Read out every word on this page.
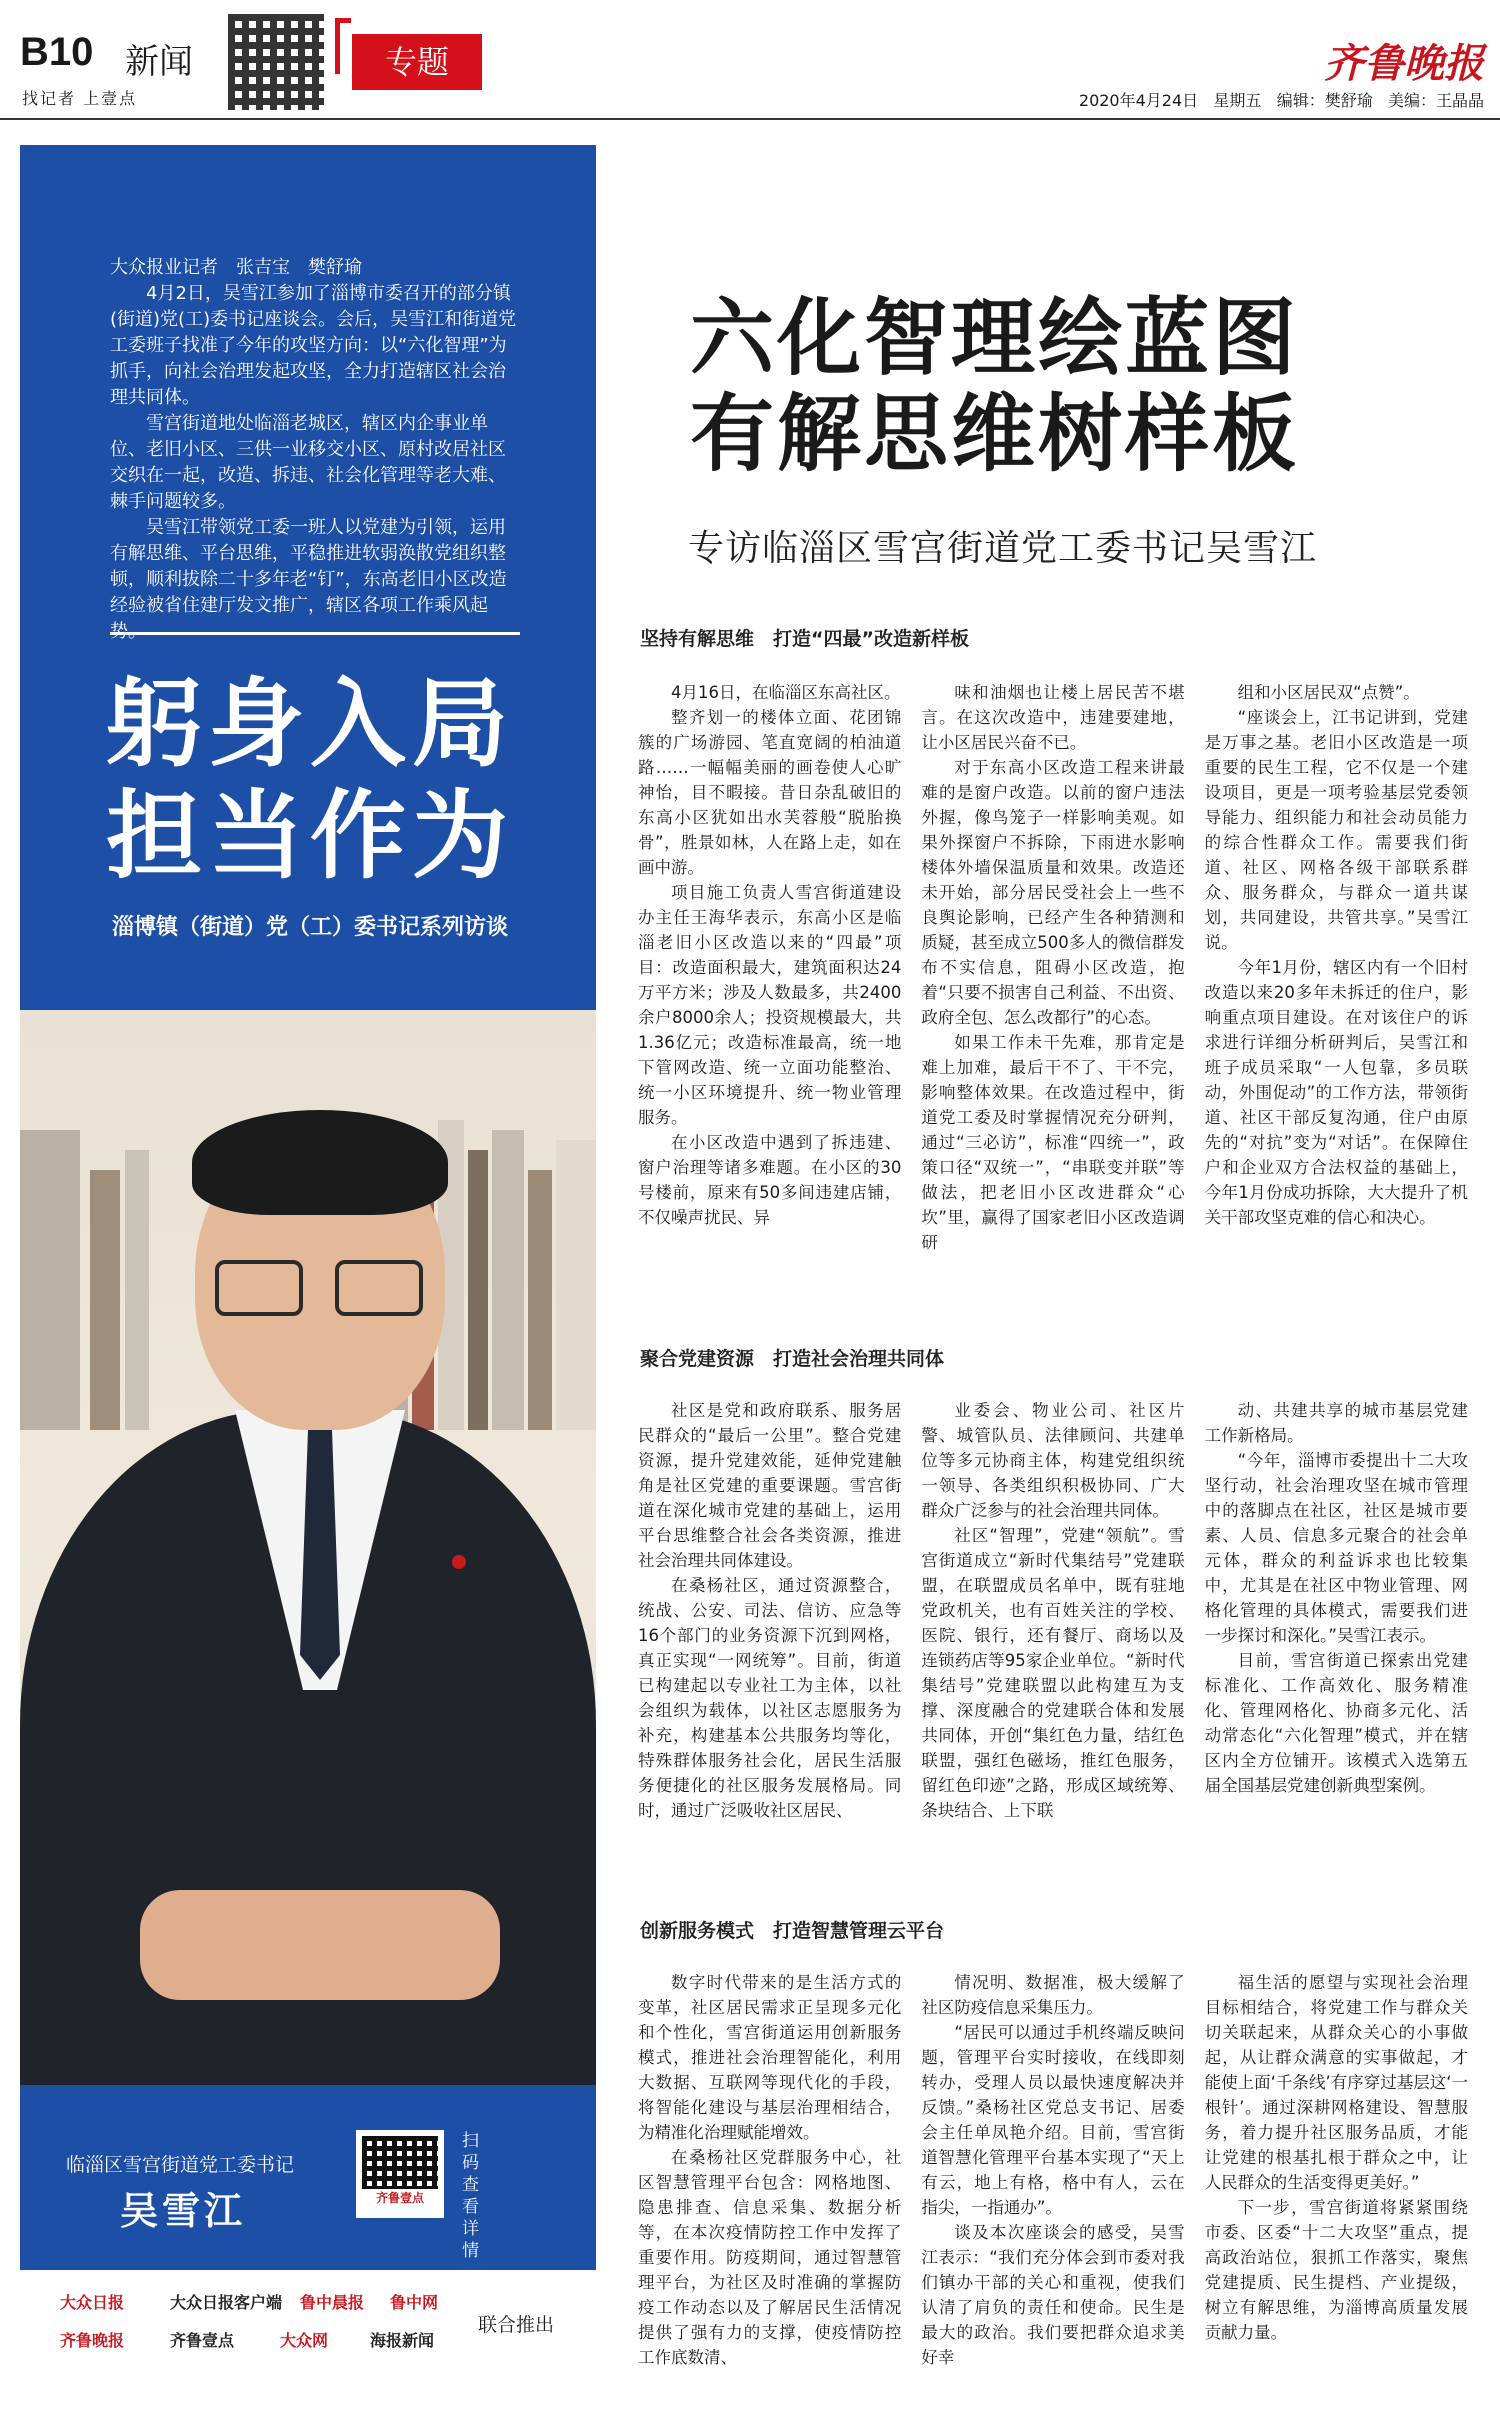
B10 新闻
找记者 上壹点
专题	齐鲁晚报
2020年4月24日 星期五 编辑：樊舒瑜 美编：王晶晶

大众报业记者　张吉宝　樊舒瑜

4月2日，吴雪江参加了淄博市委召开的部分镇(街道)党(工)委书记座谈会。会后，吴雪江和街道党工委班子找准了今年的攻坚方向：以“六化智理”为抓手，向社会治理发起攻坚，全力打造辖区社会治理共同体。

雪宫街道地处临淄老城区，辖区内企事业单位、老旧小区、三供一业移交小区、原村改居社区交织在一起，改造、拆违、社会化管理等老大难、棘手问题较多。

吴雪江带领党工委一班人以党建为引领，运用有解思维、平台思维，平稳推进软弱涣散党组织整顿，顺利拔除二十多年老“钉”，东高老旧小区改造经验被省住建厅发文推广，辖区各项工作乘风起

躬身入局
担当作为
淄博镇（街道）党（工）委书记系列访谈
临淄区雪宫街道党工委书记
吴雪江	齐鲁壹点
扫码查看详情
大众日报	大众日报客户端 鲁中晨报 鲁中网
齐鲁晚报	齐鲁壹点	大众网	海报新闻
联合推出
六化智理绘蓝图
有解思维树样板
专访临淄区雪宫街道党工委书记吴雪江
坚持有解思维　打造“四最”改造新样板

4月16日，在临淄区东高社区。

整齐划一的楼体立面、花团锦簇的广场游园、笔直宽阔的柏油道路……一幅幅美丽的画卷使人心旷神怡，目不暇接。昔日杂乱破旧的东高小区犹如出水芙蓉般“脱胎换骨”，胜景如林，人在路上走，如在画中游。

项目施工负责人雪宫街道建设办主任王海华表示，东高小区是临淄老旧小区改造以来的“四最”项目：改造面积最大，建筑面积达24万平方米；涉及人数最多，共2400余户8000余人；投资规模最大，共1.36亿元；改造标准最高，统一地下管网改造、统一立面功能整治、统一小区环境提升、统一物业管理服务。

在小区改造中遇到了拆违建、窗户治理等诸多难题。在小区的30号楼前，原来有50多间违建店铺，不仅噪声扰民、异

味和油烟也让楼上居民苦不堪言。在这次改造中，违建要建地，让小区居民兴奋不已。

对于东高小区改造工程来讲最难的是窗户改造。以前的窗户违法外握，像鸟笼子一样影响美观。如果外探窗户不拆除，下雨进水影响楼体外墙保温质量和效果。改造还未开始，部分居民受社会上一些不良舆论影响，已经产生各种猜测和质疑，甚至成立500多人的微信群发布不实信息，阻碍小区改造，抱着“只要不损害自己利益、不出资、政府全包、怎么改都行”的心态。

如果工作未干先难，那肯定是难上加难，最后干不了、干不完，影响整体效果。在改造过程中，街道党工委及时掌握情况充分研判，通过“三必访”，标准“四统一”，政策口径“双统一”，“串联变并联”等做法，把老旧小区改进群众“心坎”里，赢得了国家老旧小区改造调研

组和小区居民双“点赞”。

“座谈会上，江书记讲到，党建是万事之基。老旧小区改造是一项重要的民生工程，它不仅是一个建设项目，更是一项考验基层党委领导能力、组织能力和社会动员能力的综合性群众工作。需要我们街道、社区、网格各级干部联系群众、服务群众，与群众一道共谋划，共同建设，共管共享。”吴雪江说。

今年1月份，辖区内有一个旧村改造以来20多年未拆迁的住户，影响重点项目建设。在对该住户的诉求进行详细分析研判后，吴雪江和班子成员采取“一人包靠，多员联动，外围促动”的工作方法，带领街道、社区干部反复沟通，住户由原先的“对抗”变为“对话”。在保障住户和企业双方合法权益的基础上，今年1月份成功拆除，大大提升了机关干部攻坚克难的信心和决心。

聚合党建资源　打造社会治理共同体

社区是党和政府联系、服务居民群众的“最后一公里”。整合党建资源，提升党建效能，延伸党建触角是社区党建的重要课题。雪宫街道在深化城市党建的基础上，运用平台思维整合社会各类资源，推进社会治理共同体建设。

在桑杨社区，通过资源整合，统战、公安、司法、信访、应急等16个部门的业务资源下沉到网格，真正实现“一网统筹”。目前，街道已构建起以专业社工为主体，以社会组织为载体，以社区志愿服务为补充，构建基本公共服务均等化，特殊群体服务社会化，居民生活服务便捷化的社区服务发展格局。同时，通过广泛吸收社区居民、

业委会、物业公司、社区片警、城管队员、法律顾问、共建单位等多元协商主体，构建党组织统一领导、各类组织积极协同、广大群众广泛参与的社会治理共同体。

社区“智理”，党建“领航”。雪宫街道成立“新时代集结号”党建联盟，在联盟成员名单中，既有驻地党政机关，也有百姓关注的学校、医院、银行，还有餐厅、商场以及连锁药店等95家企业单位。“新时代集结号”党建联盟以此构建互为支撑、深度融合的党建联合体和发展共同体，开创“集红色力量，结红色联盟，强红色磁场，推红色服务，留红色印迹”之路，形成区域统筹、条块结合、上下联

动、共建共享的城市基层党建工作新格局。

“今年，淄博市委提出十二大攻坚行动，社会治理攻坚在城市管理中的落脚点在社区，社区是城市要素、人员、信息多元聚合的社会单元体，群众的利益诉求也比较集中，尤其是在社区中物业管理、网格化管理的具体模式，需要我们进一步探讨和深化。”吴雪江表示。

目前，雪宫街道已探索出党建标准化、工作高效化、服务精准化、管理网格化、协商多元化、活动常态化“六化智理”模式，并在辖区内全方位铺开。该模式入选第五届全国基层党建创新典型案例。

创新服务模式　打造智慧管理云平台

数字时代带来的是生活方式的变革，社区居民需求正呈现多元化和个性化，雪宫街道运用创新服务模式，推进社会治理智能化，利用大数据、互联网等现代化的手段，将智能化建设与基层治理相结合，为精准化治理赋能增效。

在桑杨社区党群服务中心，社区智慧管理平台包含：网格地图、隐患排查、信息采集、数据分析等，在本次疫情防控工作中发挥了重要作用。防疫期间，通过智慧管理平台，为社区及时准确的掌握防疫工作动态以及了解居民生活情况提供了强有力的支撑，使疫情防控工作底数清、

情况明、数据准，极大缓解了社区防疫信息采集压力。

“居民可以通过手机终端反映问题，管理平台实时接收，在线即刻转办，受理人员以最快速度解决并反馈。”桑杨社区党总支书记、居委会主任单凤艳介绍。目前，雪宫街道智慧化管理平台基本实现了“天上有云，地上有格，格中有人，云在指尖，一指通办”。

谈及本次座谈会的感受，吴雪江表示：“我们充分体会到市委对我们镇办干部的关心和重视，使我们认清了肩负的责任和使命。民生是最大的政治。我们要把群众追求美好幸

福生活的愿望与实现社会治理目标相结合，将党建工作与群众关切关联起来，从群众关心的小事做起，从让群众满意的实事做起，才能使上面‘千条线’有序穿过基层这‘一根针’。通过深耕网格建设、智慧服务，着力提升社区服务品质，才能让党建的根基扎根于群众之中，让人民群众的生活变得更美好。”

下一步，雪宫街道将紧紧围绕市委、区委“十二大攻坚”重点，提高政治站位，狠抓工作落实，聚焦党建提质、民生提档、产业提级，树立有解思维，为淄博高质量发展贡献力量。
